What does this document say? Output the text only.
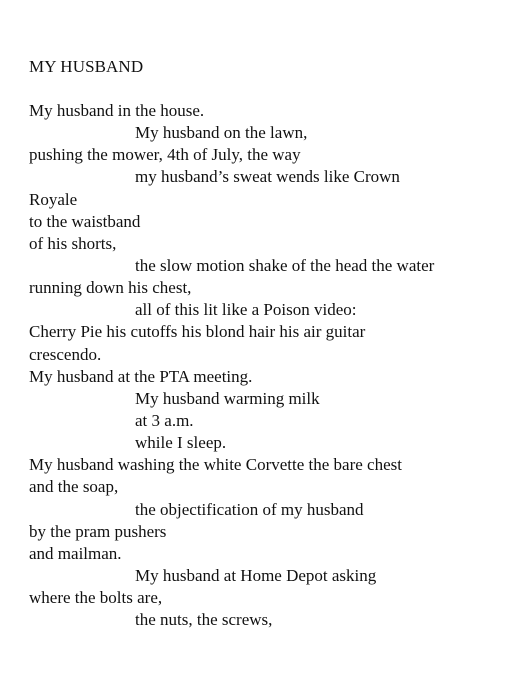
MY HUSBAND
My husband in the house.
My husband on the lawn,
pushing the mower, 4th of July, the way
my husband’s sweat wends like Crown
Royale
to the waistband
of his shorts,
the slow motion shake of the head the water
running down his chest,
all of this lit like a Poison video:
Cherry Pie his cutoffs his blond hair his air guitar
crescendo.
My husband at the PTA meeting.
My husband warming milk
at 3 a.m.
while I sleep.
My husband washing the white Corvette the bare chest
and the soap,
the objectification of my husband
by the pram pushers
and mailman.
My husband at Home Depot asking
where the bolts are,
the nuts, the screws,
